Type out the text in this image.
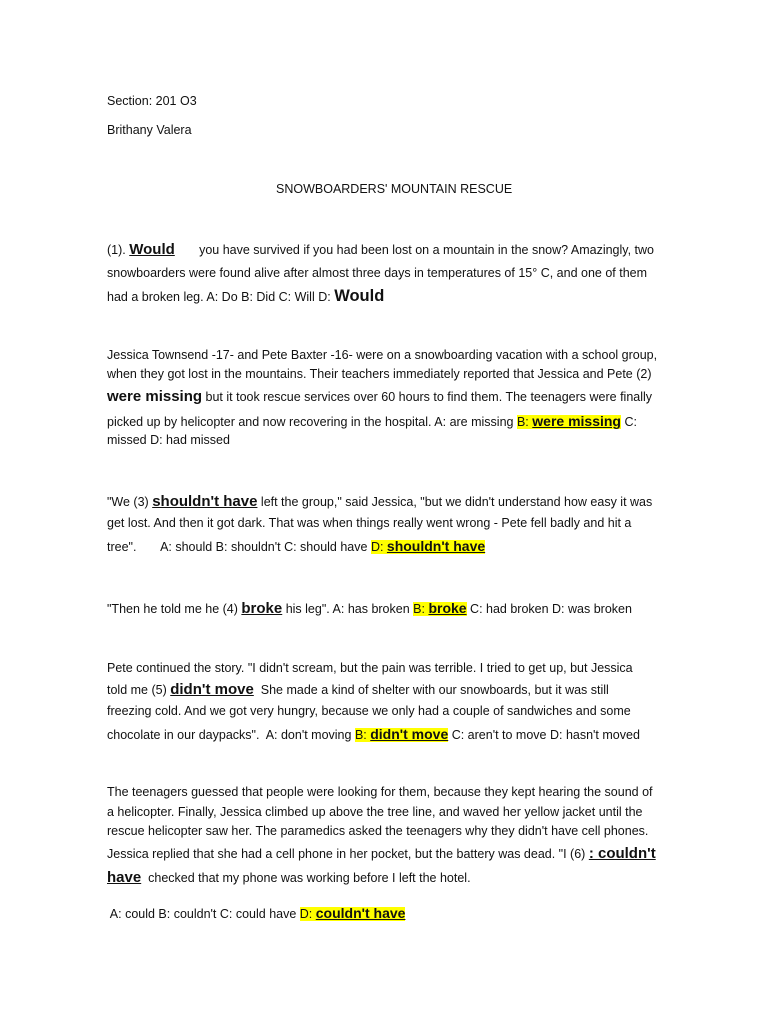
Section: 201 O3
Brithany Valera
SNOWBOARDERS' MOUNTAIN RESCUE
(1). Would you have survived if you had been lost on a mountain in the snow? Amazingly, two
snowboarders were found alive after almost three days in temperatures of 15° C, and one of them
had a broken leg. A: Do B: Did C: Will D: Would
Jessica Townsend -17- and Pete Baxter -16- were on a snowboarding vacation with a school group,
when they got lost in the mountains. Their teachers immediately reported that Jessica and Pete (2)
were missing but it took rescue services over 60 hours to find them. The teenagers were finally
picked up by helicopter and now recovering in the hospital. A: are missing B: were missing C:
missed D: had missed
"We (3) shouldn't have left the group," said Jessica, "but we didn't understand how easy it was
get lost. And then it got dark. That was when things really went wrong - Pete fell badly and hit a
tree".       A: should B: shouldn't C: should have D: shouldn't have
"Then he told me he (4) broke his leg". A: has broken B: broke C: had broken D: was broken
Pete continued the story. "I didn't scream, but the pain was terrible. I tried to get up, but Jessica
told me (5) didn't move  She made a kind of shelter with our snowboards, but it was still
freezing cold. And we got very hungry, because we only had a couple of sandwiches and some
chocolate in our daypacks".  A: don't moving B: didn't move C: aren't to move D: hasn't moved
The teenagers guessed that people were looking for them, because they kept hearing the sound of
a helicopter. Finally, Jessica climbed up above the tree line, and waved her yellow jacket until the
rescue helicopter saw her. The paramedics asked the teenagers why they didn't have cell phones.
Jessica replied that she had a cell phone in her pocket, but the battery was dead. "I (6) : couldn't
have  checked that my phone was working before I left the hotel.
A: could B: couldn't C: could have D: couldn't have
